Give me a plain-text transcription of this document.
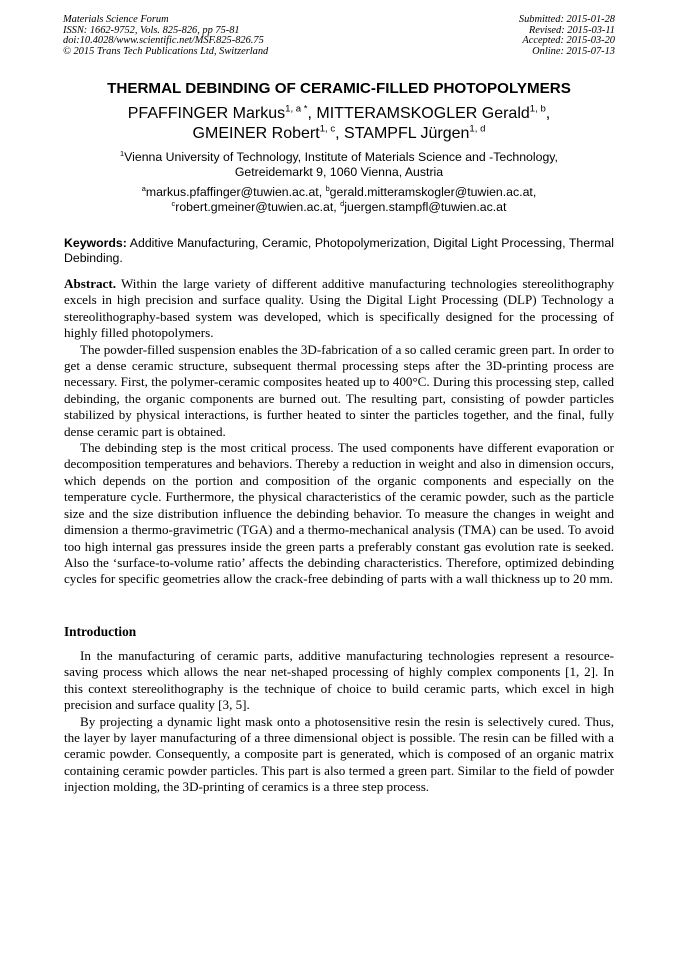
Materials Science Forum
ISSN: 1662-9752, Vols. 825-826, pp 75-81
doi:10.4028/www.scientific.net/MSF.825-826.75
© 2015 Trans Tech Publications Ltd, Switzerland
Submitted: 2015-01-28
Revised: 2015-03-11
Accepted: 2015-03-20
Online: 2015-07-13
THERMAL DEBINDING OF CERAMIC-FILLED PHOTOPOLYMERS
PFAFFINGER Markus$^{1, a *}$, MITTERAMSKOGLER Gerald$^{1, b}$,
GMEINER Robert$^{1, c}$, STAMPFL Jürgen$^{1, d}$
$^1$Vienna University of Technology, Institute of Materials Science and -Technology,
Getreidemarkt 9, 1060 Vienna, Austria
$^a$markus.pfaffinger@tuwien.ac.at, $^b$gerald.mitteramskogler@tuwien.ac.at,
$^c$robert.gmeiner@tuwien.ac.at, $^d$juergen.stampfl@tuwien.ac.at
Keywords: Additive Manufacturing, Ceramic, Photopolymerization, Digital Light Processing, Thermal Debinding.

Abstract. Within the large variety of different additive manufacturing technologies stereolithography excels in high precision and surface quality. Using the Digital Light Processing (DLP) Technology a stereolithography-based system was developed, which is specifically designed for the processing of highly filled photopolymers.

The powder-filled suspension enables the 3D-fabrication of a so called ceramic green part. In order to get a dense ceramic structure, subsequent thermal processing steps after the 3D-printing process are necessary. First, the polymer-ceramic composites heated up to 400°C. During this processing step, called debinding, the organic components are burned out. The resulting part, consisting of powder particles stabilized by physical interactions, is further heated to sinter the particles together, and the final, fully dense ceramic part is obtained.

The debinding step is the most critical process. The used components have different evaporation or decomposition temperatures and behaviors. Thereby a reduction in weight and also in dimension occurs, which depends on the portion and composition of the organic components and especially on the temperature cycle. Furthermore, the physical characteristics of the ceramic powder, such as the particle size and the size distribution influence the debinding behavior. To measure the changes in weight and dimension a thermo-gravimetric (TGA) and a thermo-mechanical analysis (TMA) can be used. To avoid too high internal gas pressures inside the green parts a preferably constant gas evolution rate is seeked. Also the ‘surface-to-volume ratio’ affects the debinding characteristics. Therefore, optimized debinding cycles for specific geometries allow the crack-free debinding of parts with a wall thickness up to 20 mm.

Introduction

In the manufacturing of ceramic parts, additive manufacturing technologies represent a resource-saving process which allows the near net-shaped processing of highly complex components [1, 2]. In this context stereolithography is the technique of choice to build ceramic parts, which excel in high precision and surface quality [3, 5].

By projecting a dynamic light mask onto a photosensitive resin the resin is selectively cured. Thus, the layer by layer manufacturing of a three dimensional object is possible. The resin can be filled with a ceramic powder. Consequently, a composite part is generated, which is composed of an organic matrix containing ceramic powder particles. This part is also termed a green part. Similar to the field of powder injection molding, the 3D-printing of ceramics is a three step process.
